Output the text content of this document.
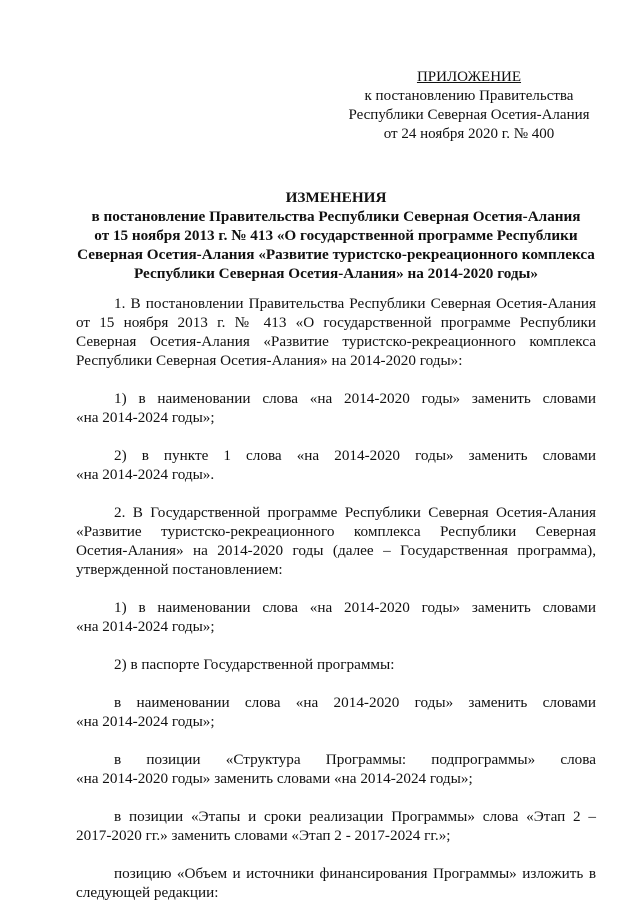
ПРИЛОЖЕНИЕ
к постановлению Правительства
Республики Северная Осетия-Алания
от 24 ноября 2020 г. № 400
ИЗМЕНЕНИЯ
в постановление Правительства Республики Северная Осетия-Алания
от 15 ноября 2013 г. № 413 «О государственной программе Республики
Северная Осетия-Алания «Развитие туристско-рекреационного комплекса
Республики Северная Осетия-Алания» на 2014-2020 годы»
1. В постановлении Правительства Республики Северная Осетия-Алания
от 15 ноября 2013 г. № 413 «О государственной программе Республики
Северная Осетия-Алания «Развитие туристско-рекреационного комплекса
Республики Северная Осетия-Алания» на 2014-2020 годы»:
1) в наименовании слова «на 2014-2020 годы» заменить словами
«на 2014-2024 годы»;
2) в пункте 1 слова «на 2014-2020 годы» заменить словами
«на 2014-2024 годы».
2. В Государственной программе Республики Северная Осетия-Алания
«Развитие туристско-рекреационного комплекса Республики Северная
Осетия-Алания» на 2014-2020 годы (далее – Государственная программа),
утвержденной постановлением:
1) в наименовании слова «на 2014-2020 годы» заменить словами
«на 2014-2024 годы»;
2) в паспорте Государственной программы:
в наименовании слова «на 2014-2020 годы» заменить словами
«на 2014-2024 годы»;
в позиции «Структура Программы: подпрограммы» слова
«на 2014-2020 годы» заменить словами «на 2014-2024 годы»;
в позиции «Этапы и сроки реализации Программы» слова «Этап 2 –
2017-2020 гг.» заменить словами «Этап 2 - 2017-2024 гг.»;
позицию «Объем и источники финансирования Программы» изложить в
следующей редакции:
